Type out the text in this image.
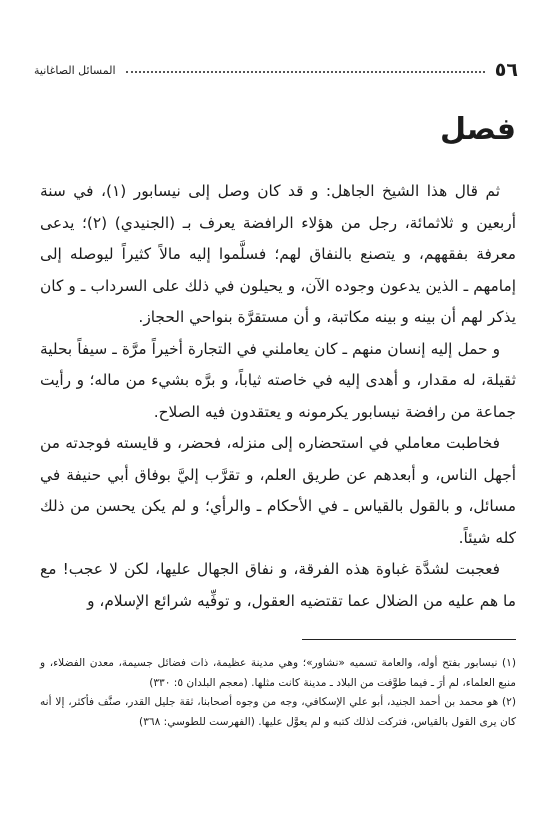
٥٦
المسائل الصاغانية
فصل

ثم قال هذا الشيخ الجاهل: و قد كان وصل إلى نيسابور (١)، في سنة أربعين و ثلاثمائة، رجل من هؤلاء الرافضة يعرف بـ (الجنيدي) (٢)؛ يدعى معرفة بفقههم، و يتصنع بالنفاق لهم؛ فسلَّموا إليه مالاً كثيراً ليوصله إلى إمامهم ـ الذين يدعون وجوده الآن، و يحيلون في ذلك على السرداب ـ و كان يذكر لهم أن بينه و بينه مكاتبة، و أن مستقرَّة بنواحي الحجاز.

و حمل إليه إنسان منهم ـ كان يعاملني في التجارة أخيراً مرَّة ـ سيفاً بحلية ثقيلة، له مقدار، و أهدى إليه في خاصته ثياباً، و برَّه بشيء من ماله؛ و رأيت جماعة من رافضة نيسابور يكرمونه و يعتقدون فيه الصلاح.

فخاطبت معاملي في استحضاره إلى منزله، فحضر، و قايسته فوجدته من أجهل الناس، و أبعدهم عن طريق العلم، و تقرَّب إليَّ بوفاق أبي حنيفة في مسائل، و بالقول بالقياس ـ في الأحكام ـ والرأي؛ و لم يكن يحسن من ذلك كله شيئاً.

فعجبت لشدَّة غباوة هذه الفرقة، و نفاق الجهال عليها، لكن لا عجب! مع ما هم عليه من الضلال عما تقتضيه العقول، و توفِّيه شرائع الإسلام، و

(١) نيسابور بفتح أوله، والعامة تسميه «نشاور»؛ وهي مدينة عظيمة، ذات فضائل جسيمة، معدن الفضلاء، و منبع العلماء، لم أرَ ـ فيما طوَّفت من البلاد ـ مدينة كانت مثلها. (معجم البلدان ٥: ٣٣٠)

(٢) هو محمد بن أحمد الجنيد، أبو علي الإسكافي، وجه من وجوه أصحابنا، ثقة جليل القدر، صنَّف فأكثر، إلا أنه كان يرى القول بالقياس، فتركت لذلك كتبه و لم يعوَّل عليها. (الفهرست للطوسي: ٣٦٨)
